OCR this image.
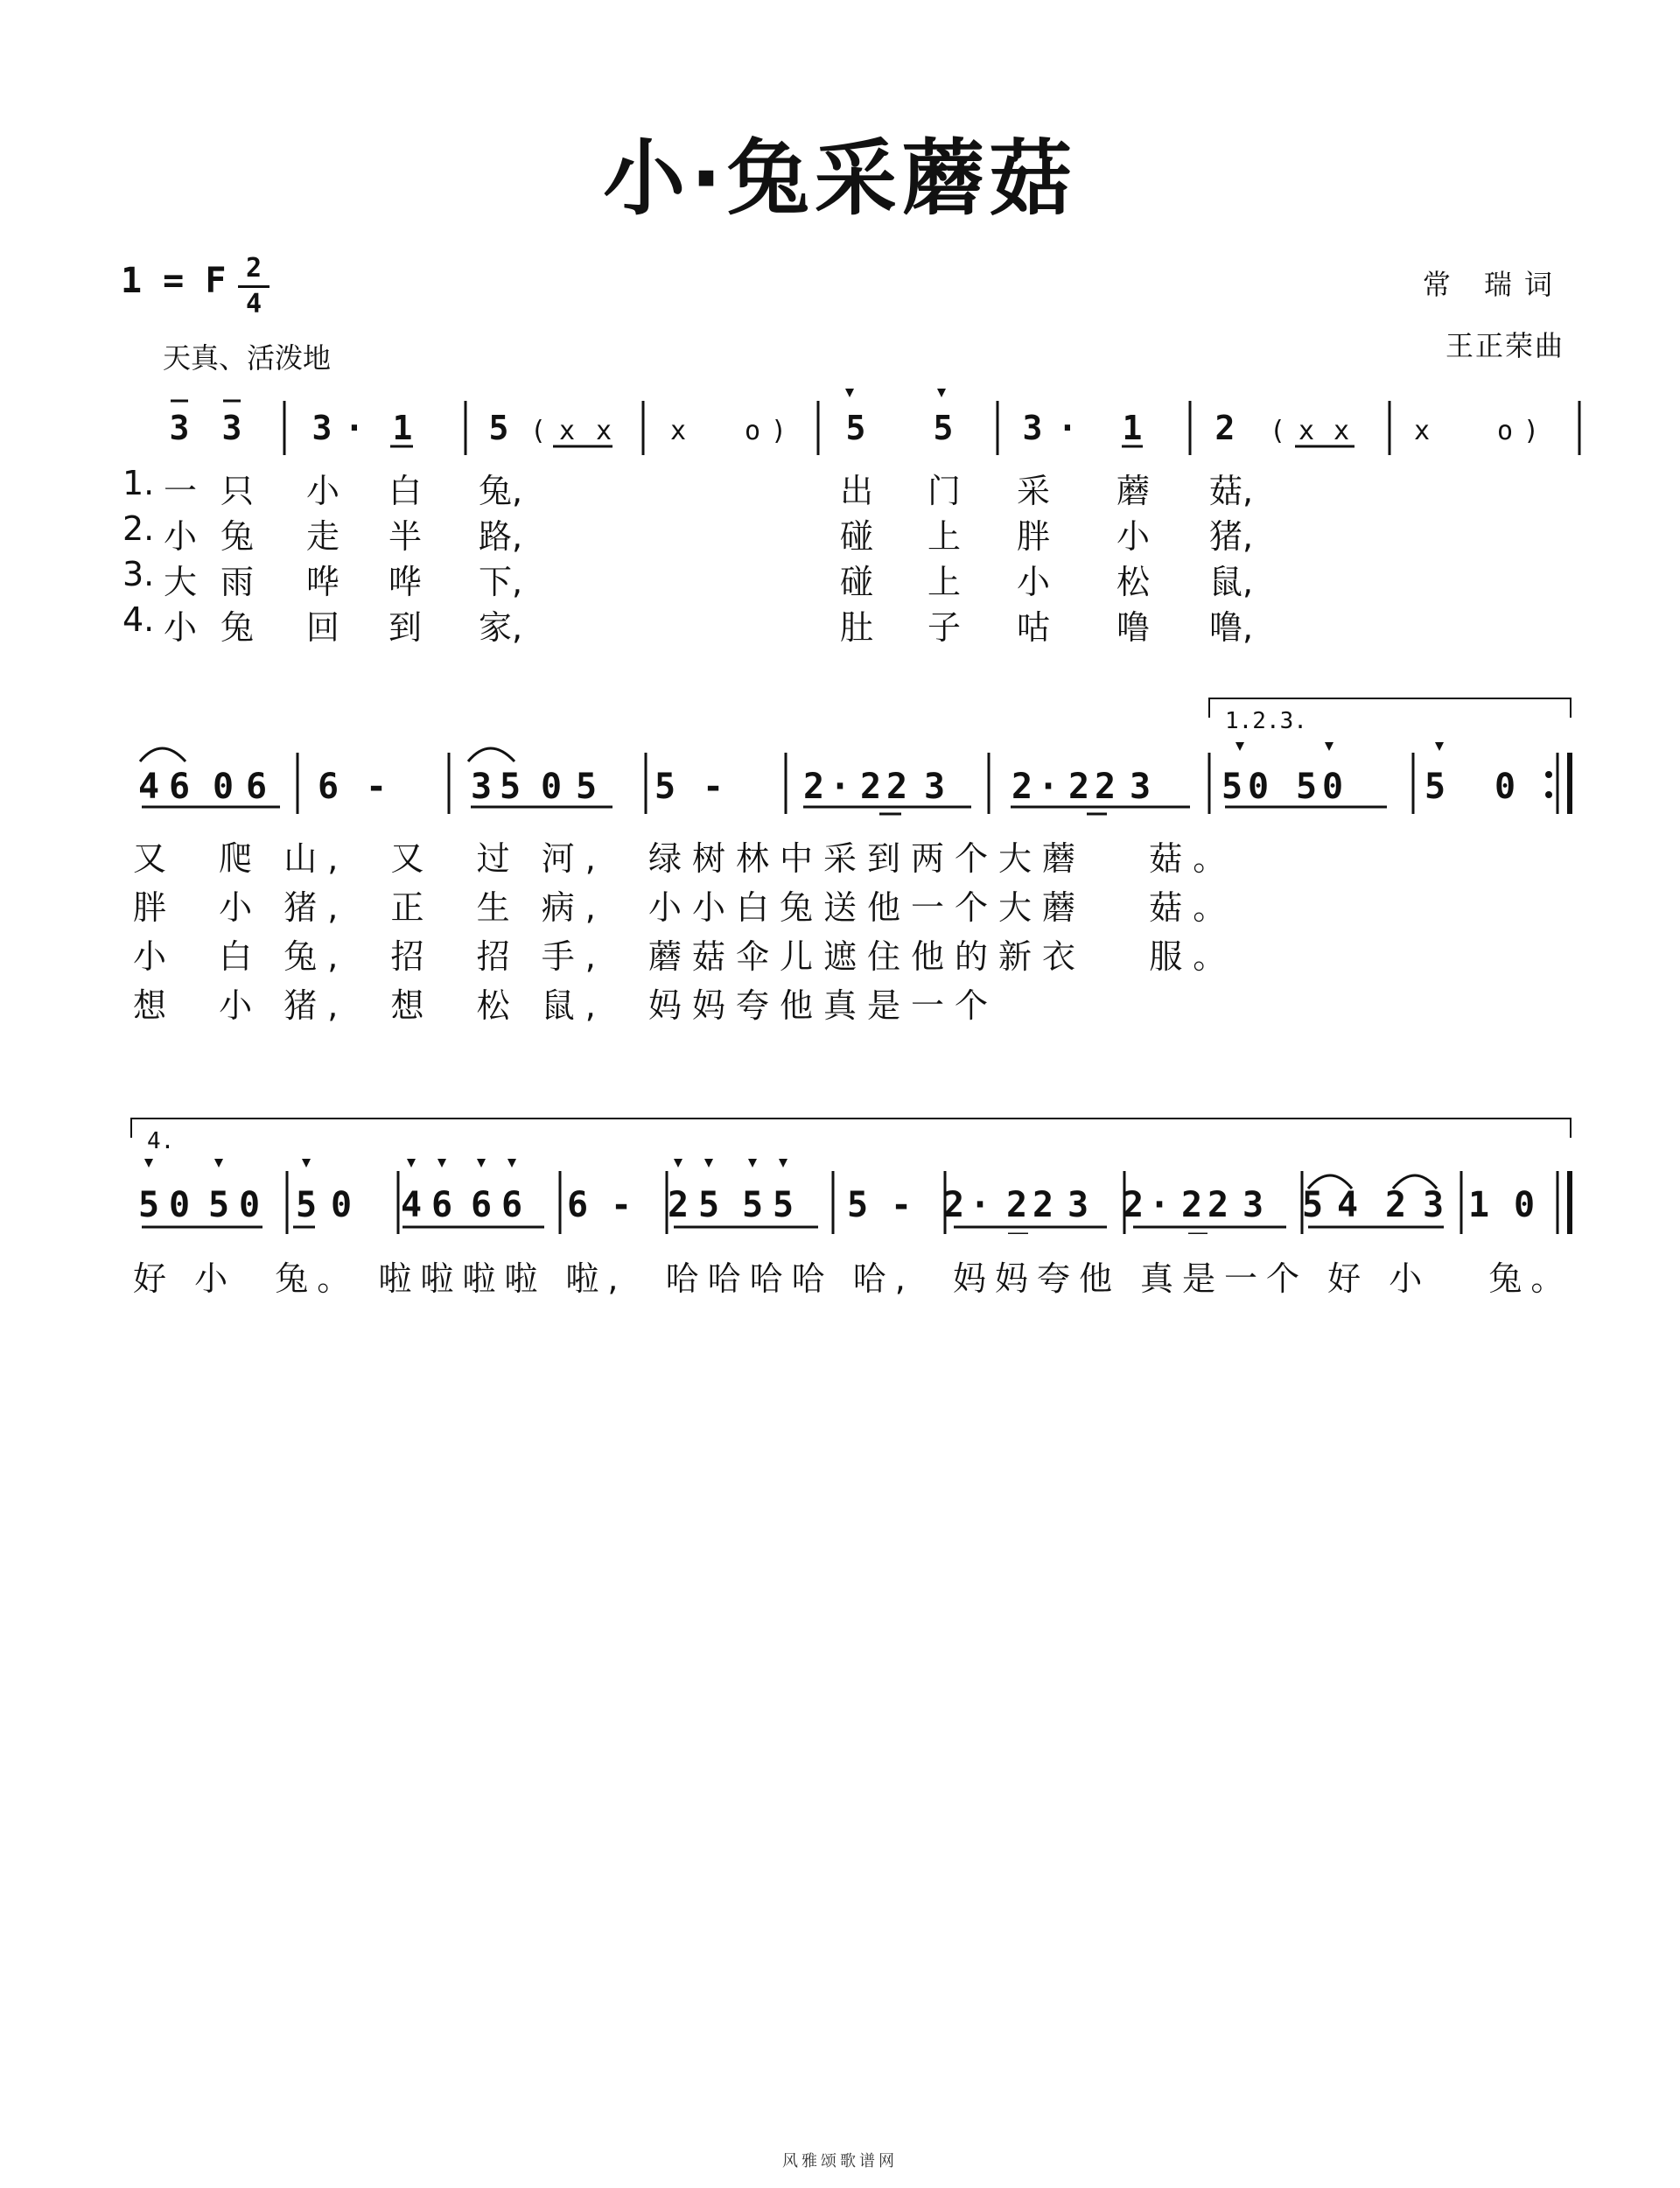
小·兔采蘑菇
1 = F 2
4
天真、活泼地
常 瑞词
王正荣曲
3 3 3 · 1 5 ( x x x o ) 5 5 3 · 1 2 ( x x x	o )
1. 一 只 小 白 兔,	出 门 采 蘑 菇,
2. 小 兔 走 半 路,	碰 上 胖 小 猪,
3. 大 雨 哗 哗 下,	碰 上 小 松 鼠,
4. 小 兔 回 到 家,	肚 子 咕 噜 噜,
1.2.3.
4 6 0 6 6 - 3 5 0 5 5 - 2 · 2 2 3 2 · 2 2 3 5 0 5 0 5 0
又  爬 山,  又  过 河,  绿树林中采到两个大蘑   菇。
胖  小 猪,  正  生 病,  小小白兔送他一个大蘑   菇。
小  白 兔,  招  招 手,  蘑菇伞儿遮住他的新衣   服。
想  小 猪,  想  松 鼠,  妈妈夸他真是一个
4.
5 0 5 0 5 0 4 6 6 6 6 - 2 5 5 5 5 - 2 · 2 2 3 2 · 2 2 3 5 4 2 3 1 0
好 小  兔。 啦啦啦啦 啦,  哈哈哈哈 哈,  妈妈夸他 真是一个 好 小   兔。
风雅颂歌谱网
